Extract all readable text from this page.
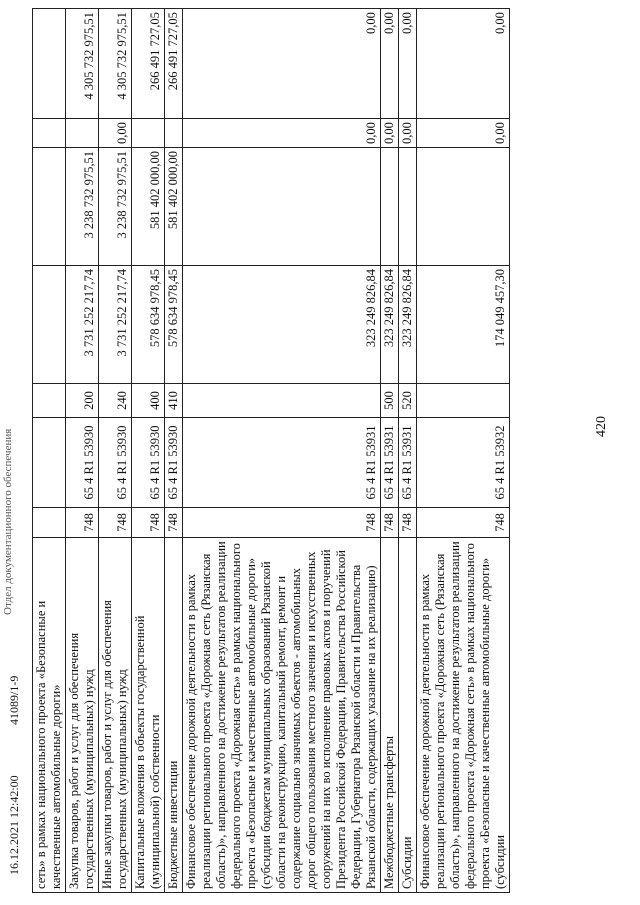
420
16.12.2021 12:42:00
41089/1-9
Отдел документационного обеспечения
сеть» в рамках национального проекта «Безопасные и качественные автомобильные дороги»							
Закупка товаров, работ и услуг для обеспечения государственных (муниципальных) нужд	748	65 4 R1 53930	200	3 731 252 217,74	3 238 732 975,51		4 305 732 975,51
Иные закупки товаров, работ и услуг для обеспечения государственных (муниципальных) нужд	748	65 4 R1 53930	240	3 731 252 217,74	3 238 732 975,51	0,00	4 305 732 975,51
Капитальные вложения в объекты государственной (муниципальной) собственности	748	65 4 R1 53930	400	578 634 978,45	581 402 000,00		266 491 727,05
Бюджетные инвестиции	748	65 4 R1 53930	410	578 634 978,45	581 402 000,00		266 491 727,05
Финансовое обеспечение дорожной деятельности в рамках реализации регионального проекта «Дорожная сеть (Рязанская область)», направленного на достижение результатов реализации федерального проекта «Дорожная сеть» в рамках национального проекта «Безопасные и качественные автомобильные дороги» (субсидии бюджетам муниципальных образований Рязанской области на реконструкцию, капитальный ремонт, ремонт и содержание социально значимых объектов - автомобильных дорог общего пользования местного значения и искусственных сооружений на них во исполнение правовых актов и поручений Президента Российской Федерации, Правительства Российской Федерации, Губернатора Рязанской области и Правительства Рязанской области, содержащих указание на их реализацию)	748	65 4 R1 53931		323 249 826,84		0,00	0,00
Межбюджетные трансферты	748	65 4 R1 53931	500	323 249 826,84		0,00	0,00
Субсидии	748	65 4 R1 53931	520	323 249 826,84		0,00	0,00
Финансовое обеспечение дорожной деятельности в рамках реализации регионального проекта «Дорожная сеть (Рязанская область)», направленного на достижение результатов реализации федерального проекта «Дорожная сеть» в рамках национального проекта «Безопасные и качественные автомобильные дороги» (субсидии	748	65 4 R1 53932		174 049 457,30		0,00	0,00
